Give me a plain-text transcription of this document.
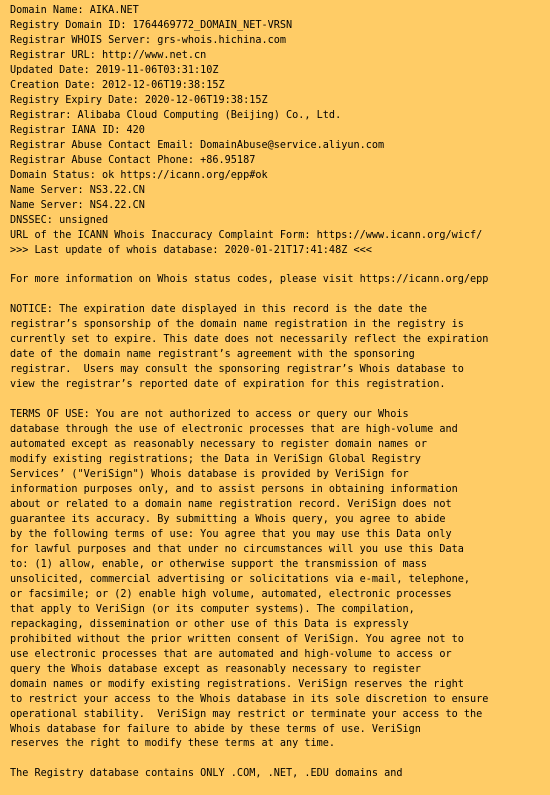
Domain Name: AIKA.NET
Registry Domain ID: 1764469772_DOMAIN_NET-VRSN
Registrar WHOIS Server: grs-whois.hichina.com
Registrar URL: http://www.net.cn
Updated Date: 2019-11-06T03:31:10Z
Creation Date: 2012-12-06T19:38:15Z
Registry Expiry Date: 2020-12-06T19:38:15Z
Registrar: Alibaba Cloud Computing (Beijing) Co., Ltd.
Registrar IANA ID: 420
Registrar Abuse Contact Email: DomainAbuse@service.aliyun.com
Registrar Abuse Contact Phone: +86.95187
Domain Status: ok https://icann.org/epp#ok
Name Server: NS3.22.CN
Name Server: NS4.22.CN
DNSSEC: unsigned
URL of the ICANN Whois Inaccuracy Complaint Form: https://www.icann.org/wicf/
>>> Last update of whois database: 2020-01-21T17:41:48Z <<<
For more information on Whois status codes, please visit https://icann.org/epp
NOTICE: The expiration date displayed in this record is the date the
registrar’s sponsorship of the domain name registration in the registry is
currently set to expire. This date does not necessarily reflect the expiration
date of the domain name registrant’s agreement with the sponsoring
registrar.  Users may consult the sponsoring registrar’s Whois database to
view the registrar’s reported date of expiration for this registration.
TERMS OF USE: You are not authorized to access or query our Whois
database through the use of electronic processes that are high-volume and
automated except as reasonably necessary to register domain names or
modify existing registrations; the Data in VeriSign Global Registry
Services’ ("VeriSign") Whois database is provided by VeriSign for
information purposes only, and to assist persons in obtaining information
about or related to a domain name registration record. VeriSign does not
guarantee its accuracy. By submitting a Whois query, you agree to abide
by the following terms of use: You agree that you may use this Data only
for lawful purposes and that under no circumstances will you use this Data
to: (1) allow, enable, or otherwise support the transmission of mass
unsolicited, commercial advertising or solicitations via e-mail, telephone,
or facsimile; or (2) enable high volume, automated, electronic processes
that apply to VeriSign (or its computer systems). The compilation,
repackaging, dissemination or other use of this Data is expressly
prohibited without the prior written consent of VeriSign. You agree not to
use electronic processes that are automated and high-volume to access or
query the Whois database except as reasonably necessary to register
domain names or modify existing registrations. VeriSign reserves the right
to restrict your access to the Whois database in its sole discretion to ensure
operational stability.  VeriSign may restrict or terminate your access to the
Whois database for failure to abide by these terms of use. VeriSign
reserves the right to modify these terms at any time.
The Registry database contains ONLY .COM, .NET, .EDU domains and
